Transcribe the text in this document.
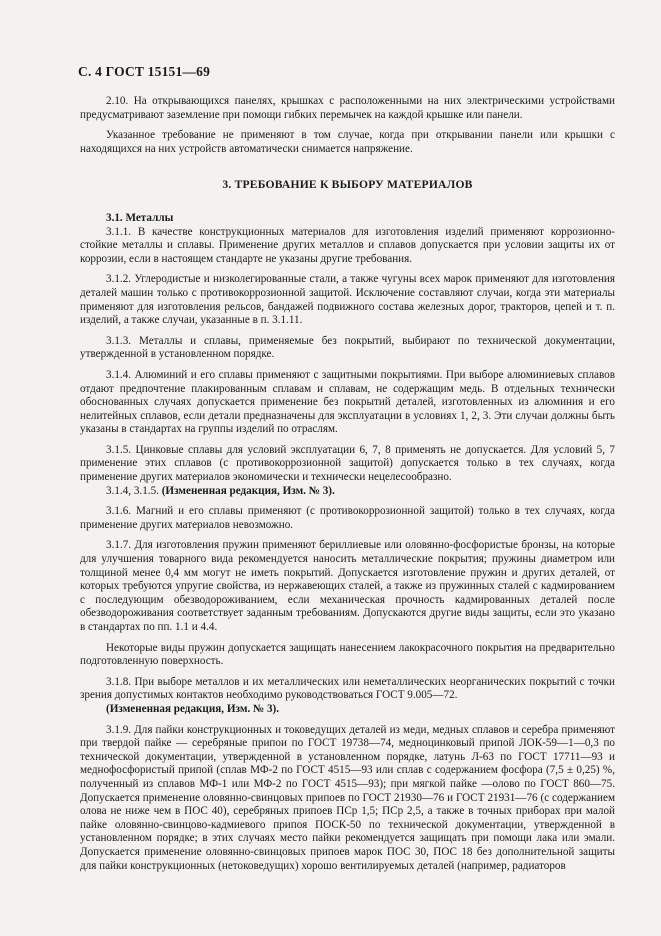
С. 4 ГОСТ 15151—69

2.10. На открывающихся панелях, крышках с расположенными на них электрическими устройствами предусматривают заземление при помощи гибких перемычек на каждой крышке или панели.

Указанное требование не применяют в том случае, когда при открывании панели или крышки с находящихся на них устройств автоматически снимается напряжение.

3. ТРЕБОВАНИЕ К ВЫБОРУ МАТЕРИАЛОВ

3.1. Металлы

3.1.1. В качестве конструкционных материалов для изготовления изделий применяют коррозионно-стойкие металлы и сплавы. Применение других металлов и сплавов допускается при условии защиты их от коррозии, если в настоящем стандарте не указаны другие требования.

3.1.2. Углеродистые и низколегированные стали, а также чугуны всех марок применяют для изготовления деталей машин только с противокоррозионной защитой. Исключение составляют случаи, когда эти материалы применяют для изготовления рельсов, бандажей подвижного состава железных дорог, тракторов, цепей и т. п. изделий, а также случаи, указанные в п. 3.1.11.

3.1.3. Металлы и сплавы, применяемые без покрытий, выбирают по технической документации, утвержденной в установленном порядке.

3.1.4. Алюминий и его сплавы применяют с защитными покрытиями. При выборе алюминиевых сплавов отдают предпочтение плакированным сплавам и сплавам, не содержащим медь. В отдельных технически обоснованных случаях допускается применение без покрытий деталей, изготовленных из алюминия и его нелитейных сплавов, если детали предназначены для эксплуатации в условиях 1, 2, 3. Эти случаи должны быть указаны в стандартах на группы изделий по отраслям.

3.1.5. Цинковые сплавы для условий эксплуатации 6, 7, 8 применять не допускается. Для условий 5, 7 применение этих сплавов (с противокоррозионной защитой) допускается только в тех случаях, когда применение других материалов экономически и технически нецелесообразно.

3.1.4, 3.1.5. (Измененная редакция, Изм. № 3).

3.1.6. Магний и его сплавы применяют (с противокоррозионной защитой) только в тех случаях, когда применение других материалов невозможно.

3.1.7. Для изготовления пружин применяют бериллиевые или оловянно-фосфористые бронзы, на которые для улучшения товарного вида рекомендуется наносить металлические покрытия; пружины диаметром или толщиной менее 0,4 мм могут не иметь покрытий. Допускается изготовление пружин и других деталей, от которых требуются упругие свойства, из нержавеющих сталей, а также из пружинных сталей с кадмированием с последующим обезводороживанием, если механическая прочность кадмированных деталей после обезводороживания соответствует заданным требованиям. Допускаются другие виды защиты, если это указано в стандартах по пп. 1.1 и 4.4.

Некоторые виды пружин допускается защищать нанесением лакокрасочного покрытия на предварительно подготовленную поверхность.

3.1.8. При выборе металлов и их металлических или неметаллических неорганических покрытий с точки зрения допустимых контактов необходимо руководствоваться ГОСТ 9.005—72.

(Измененная редакция, Изм. № 3).

3.1.9. Для пайки конструкционных и токоведущих деталей из меди, медных сплавов и серебра применяют при твердой пайке — серебряные припои по ГОСТ 19738—74, медноцинковый припой ЛОК-59—1—0,3 по технической документации, утвержденной в установленном порядке, латунь Л-63 по ГОСТ 17711—93 и меднофосфористый припой (сплав МФ-2 по ГОСТ 4515—93 или сплав с содержанием фосфора (7,5 ± 0,25) %, полученный из сплавов МФ-1 или МФ-2 по ГОСТ 4515—93); при мягкой пайке —олово по ГОСТ 860—75. Допускается применение оловянно-свинцовых припоев по ГОСТ 21930—76 и ГОСТ 21931—76 (с содержанием олова не ниже чем в ПОС 40), серебряных припоев ПСр 1,5; ПСр 2,5, а также в точных приборах при малой пайке оловянно-свинцово-кадмиевого припоя ПОСК-50 по технической документации, утвержденной в установленном порядке; в этих случаях место пайки рекомендуется защищать при помощи лака или эмали. Допускается применение оловянно-свинцовых припоев марок ПОС 30, ПОС 18 без дополнительной защиты для пайки конструкционных (нетоковедущих) хорошо вентилируемых деталей (например, радиаторов
